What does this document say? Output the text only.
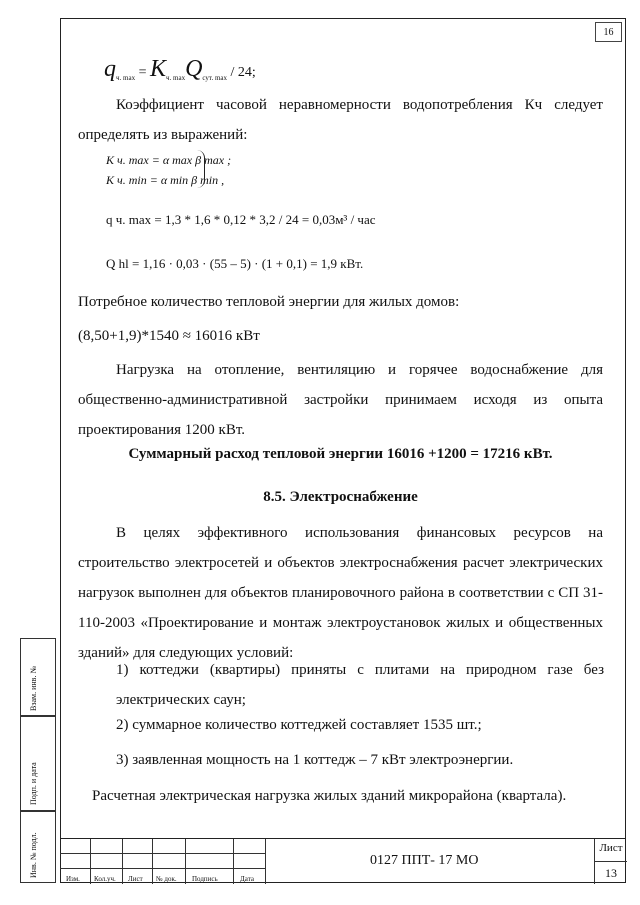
16
$q_{ч. max} = K_{ч. max}Q_{сут. max} / 24$;
Коэффициент часовой неравномерности водопотребления Кч следует определять из выражений:
K ч. max = α max β max ;
K ч. min = α min β min ,
q ч. max = 1,3 * 1,6 * 0,12 * 3,2 / 24 = 0,03м³ / час
Q hl = 1,16 · 0,03 · (55 – 5) · (1 + 0,1) = 1,9 кВт.
Потребное количество тепловой энергии для жилых домов:
(8,50+1,9)*1540 ≈ 16016 кВт
Нагрузка на отопление, вентиляцию и горячее водоснабжение для общественно-административной застройки принимаем исходя из опыта проектирования 1200 кВт.
Суммарный расход тепловой энергии 16016 +1200 = 17216 кВт.
8.5. Электроснабжение
В целях эффективного использования финансовых ресурсов на строительство электросетей и объектов электроснабжения расчет электрических нагрузок выполнен для объектов планировочного района в соответствии с СП 31-110-2003 «Проектирование и монтаж электроустановок жилых и общественных зданий» для следующих условий:
1) коттеджи (квартиры) приняты с плитами на природном газе без электрических саун;
2) суммарное количество коттеджей составляет 1535 шт.;
3) заявленная мощность на 1 коттедж – 7 кВт электроэнергии.
Расчетная электрическая нагрузка жилых зданий микрорайона (квартала).
Взам. инв. №
Подп. и дата
Инв. № подл.
Изм. Кол.уч. Лист № док. Подпись	Дата
0127 ППТ- 17 МО
Лист
13
